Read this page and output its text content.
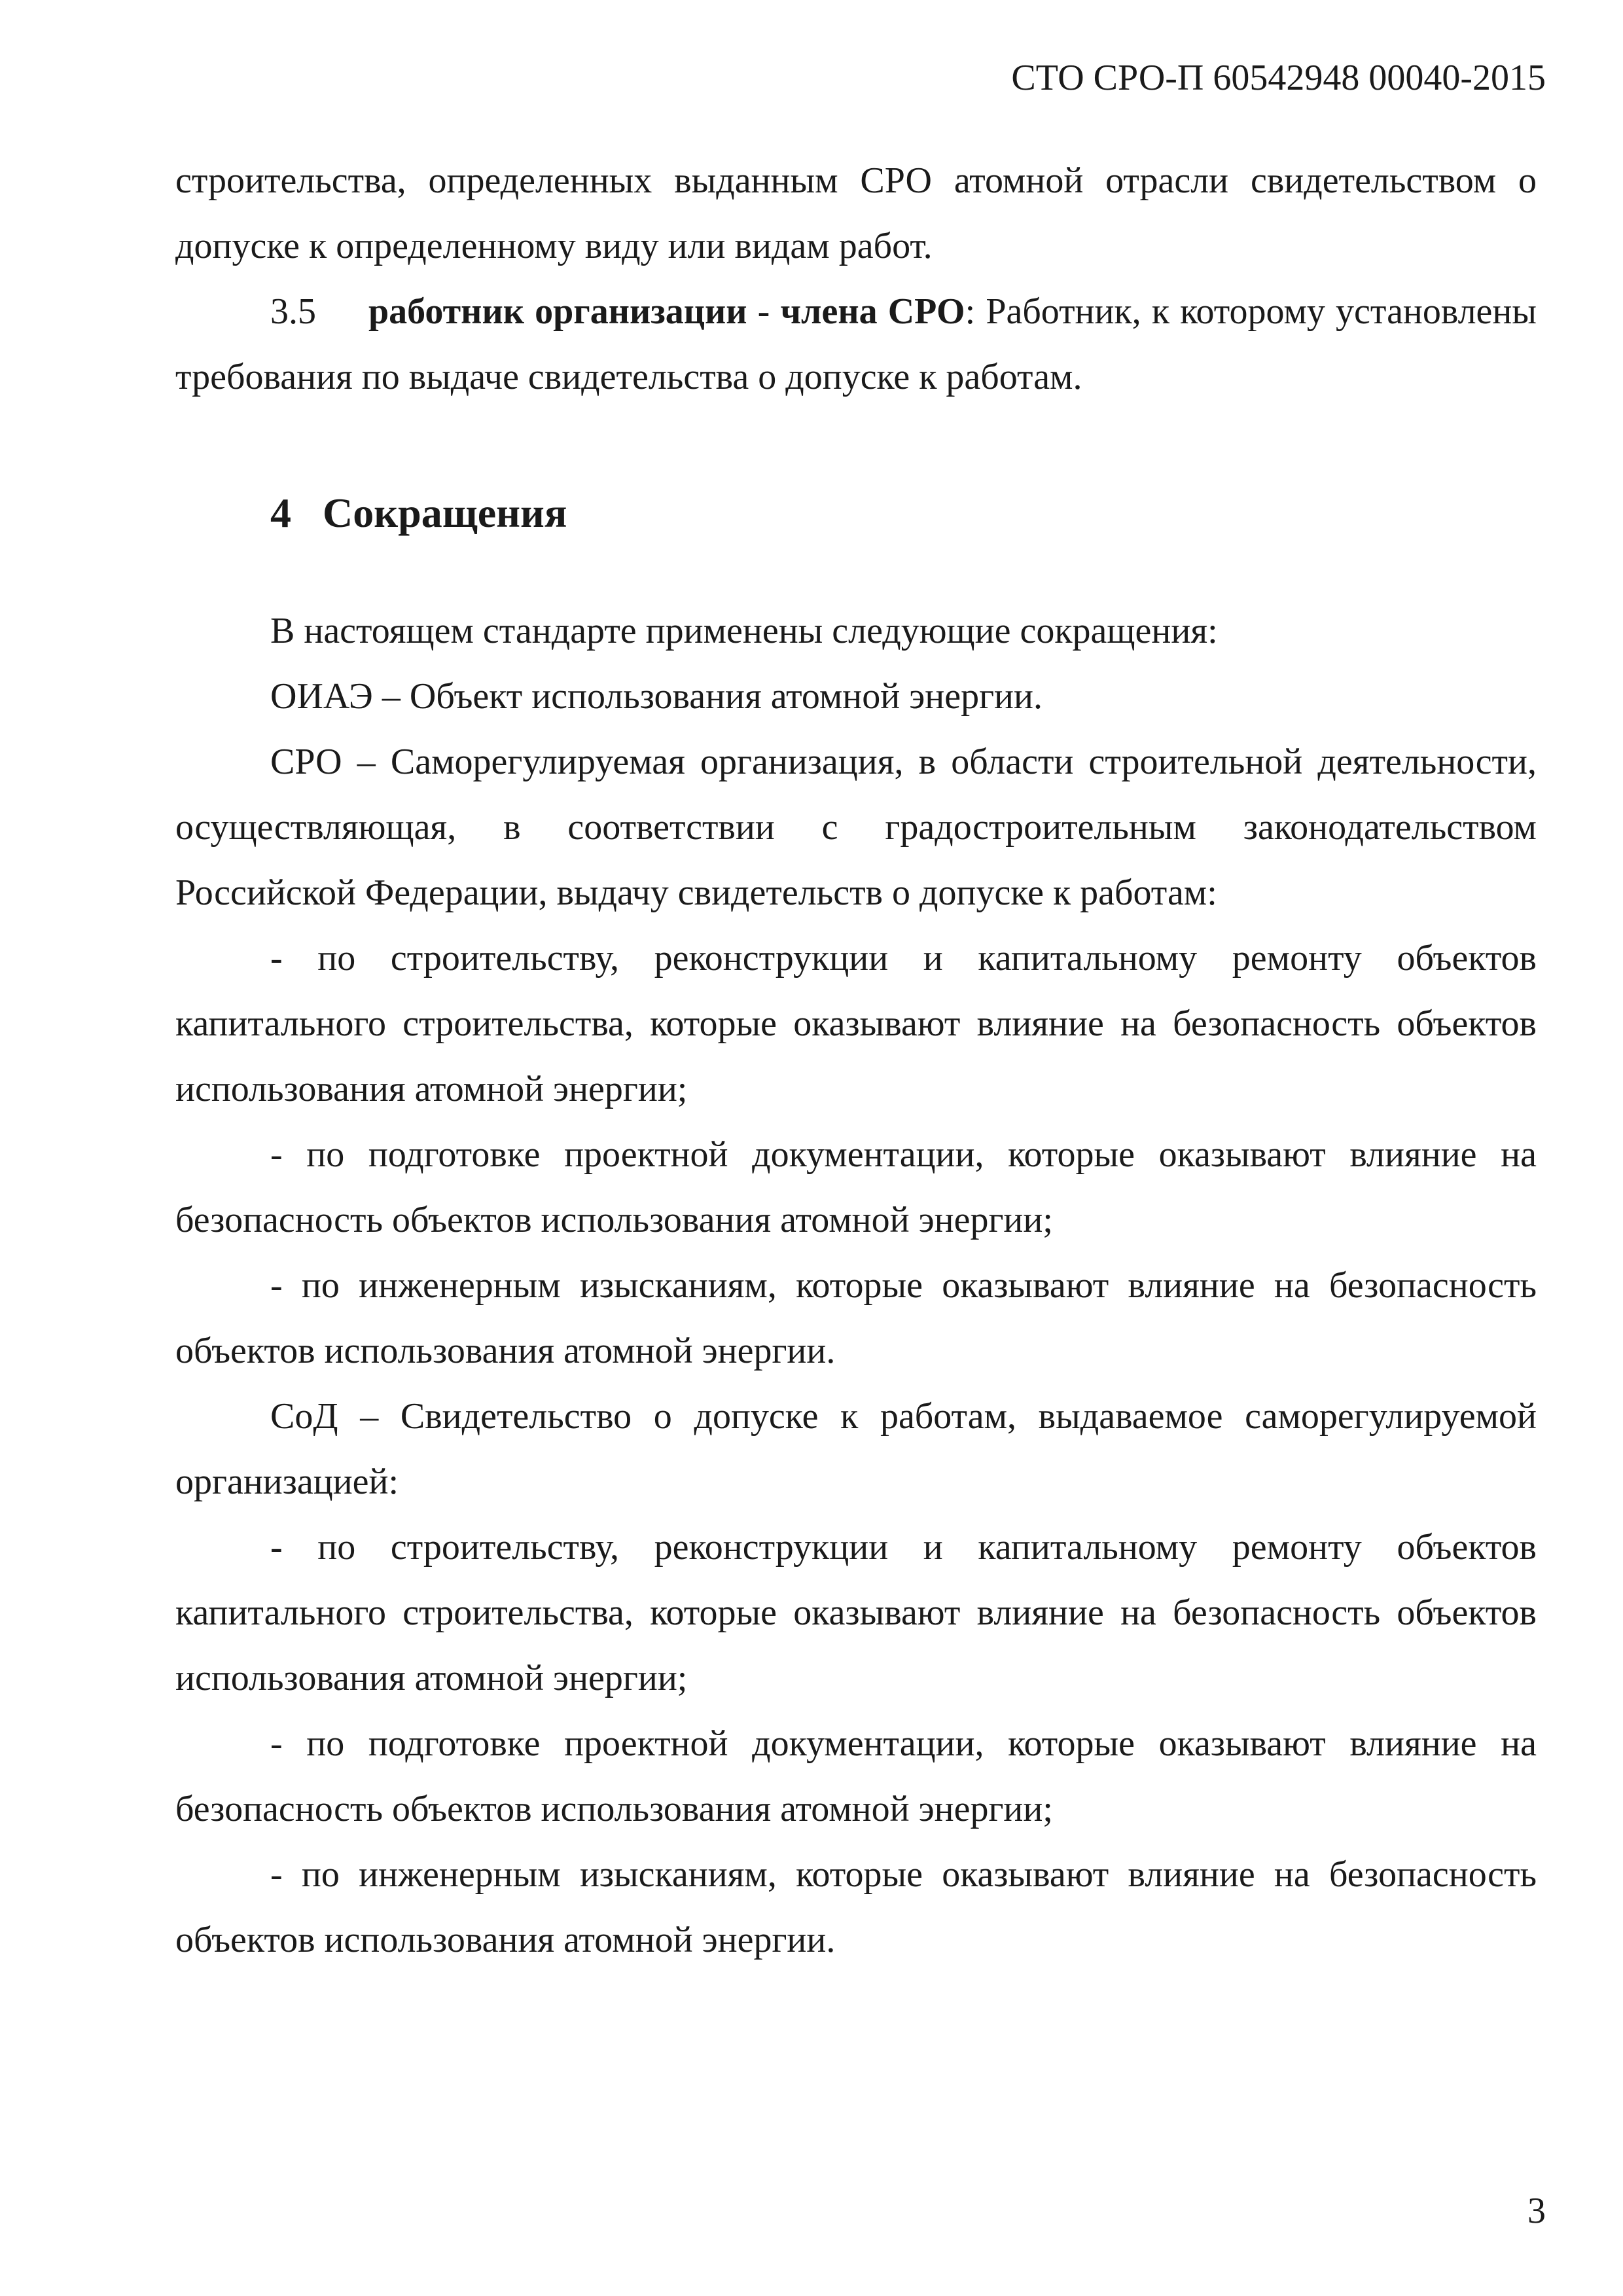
СТО СРО-П 60542948 00040-2015

строительства, определенных выданным СРО атомной отрасли свидетельством о допуске к определенному виду или видам работ.

3.5 работник организации - члена СРО: Работник, к которому установлены требования по выдаче свидетельства о допуске к работам.

4 Сокращения

В настоящем стандарте применены следующие сокращения:

ОИАЭ – Объект использования атомной энергии.

СРО – Саморегулируемая организация, в области строительной деятельности, осуществляющая, в соответствии с градостроительным законодательством Российской Федерации, выдачу свидетельств о допуске к работам:

- по строительству, реконструкции и капитальному ремонту объектов капитального строительства, которые оказывают влияние на безопасность объектов использования атомной энергии;

- по подготовке проектной документации, которые оказывают влияние на безопасность объектов использования атомной энергии;

- по инженерным изысканиям, которые оказывают влияние на безопасность объектов использования атомной энергии.

СоД – Свидетельство о допуске к работам, выдаваемое саморегулируемой организацией:

- по строительству, реконструкции и капитальному ремонту объектов капитального строительства, которые оказывают влияние на безопасность объектов использования атомной энергии;

- по подготовке проектной документации, которые оказывают влияние на безопасность объектов использования атомной энергии;

- по инженерным изысканиям, которые оказывают влияние на безопасность объектов использования атомной энергии.

3
